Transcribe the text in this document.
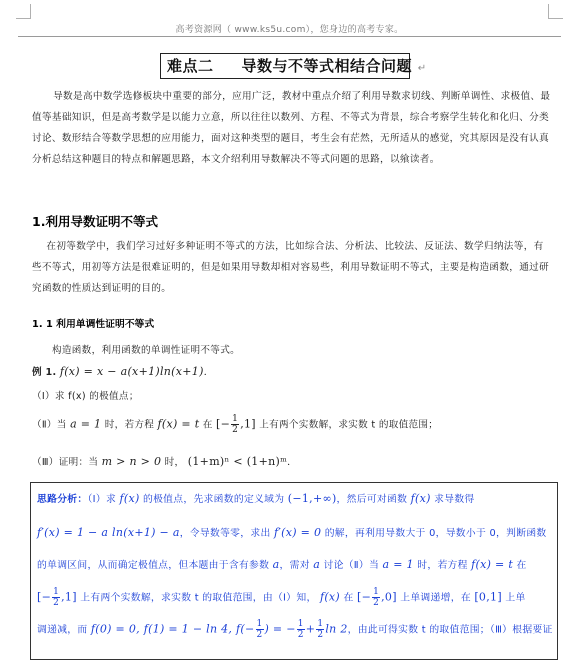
高考资源网（ www.ks5u.com），您身边的高考专家。
难点二 导数与不等式相结合问题 ↵
导数是高中数学选修板块中重要的部分，应用广泛，教材中重点介绍了利用导数求切线、判断单调性、求极值、最值等基础知识，但是高考数学是以能力立意，所以往往以数列、方程、不等式为背景，综合考察学生转化和化归、分类讨论、数形结合等数学思想的应用能力，面对这种类型的题目，考生会有茫然，无所适从的感觉，究其原因是没有认真分析总结这种题目的特点和解题思路，本文介绍利用导数解决不等式问题的思路，以飨读者。
1.利用导数证明不等式
在初等数学中，我们学习过好多种证明不等式的方法，比如综合法、分析法、比较法、反证法、数学归纳法等，有些不等式，用初等方法是很难证明的，但是如果用导数却相对容易些，利用导数证明不等式，主要是构造函数，通过研究函数的性质达到证明的目的。
1. 1 利用单调性证明不等式
构造函数，利用函数的单调性证明不等式。
例 1. f(x) = x − a(x+1)ln(x+1)．
（Ⅰ）求 f(x) 的极值点；
（Ⅱ）当 a = 1 时，若方程 f(x) = t 在 [− $\frac{1}{2} ,1$] 上有两个实数解，求实数 t 的取值范围；
（Ⅲ）证明：当 m > n > 0 时， (1+m)ⁿ < (1+n)ᵐ．
思路分析：（Ⅰ）求 f(x) 的极值点，先求函数的定义域为 (−1,+∞)，然后可对函数 f(x) 求导数得
f′(x) = 1 − a ln(x+1) − a，令导数等零，求出 f′(x) = 0 的解，再利用导数大于 0，导数小于 0，判断函数
的单调区间，从而确定极值点，但本题由于含有参数 a，需对 a 讨论（Ⅱ）当 a = 1 时，若方程 f(x) = t 在
[− $\frac{1}{2} ,1$] 上有两个实数解，求实数 t 的取值范围，由（Ⅰ）知， f(x) 在 [− $\frac{1}{2} ,0$] 上单调递增，在 [0,1] 上单
调递减，而 f(0) = 0, f(1) = 1 − ln 4, $f(- \frac{1}{2}$ ) = − $\frac{1}{2} + \frac{1}{2}$ ln 2，由此可得实数 t 的取值范围；（Ⅲ）根据要证
